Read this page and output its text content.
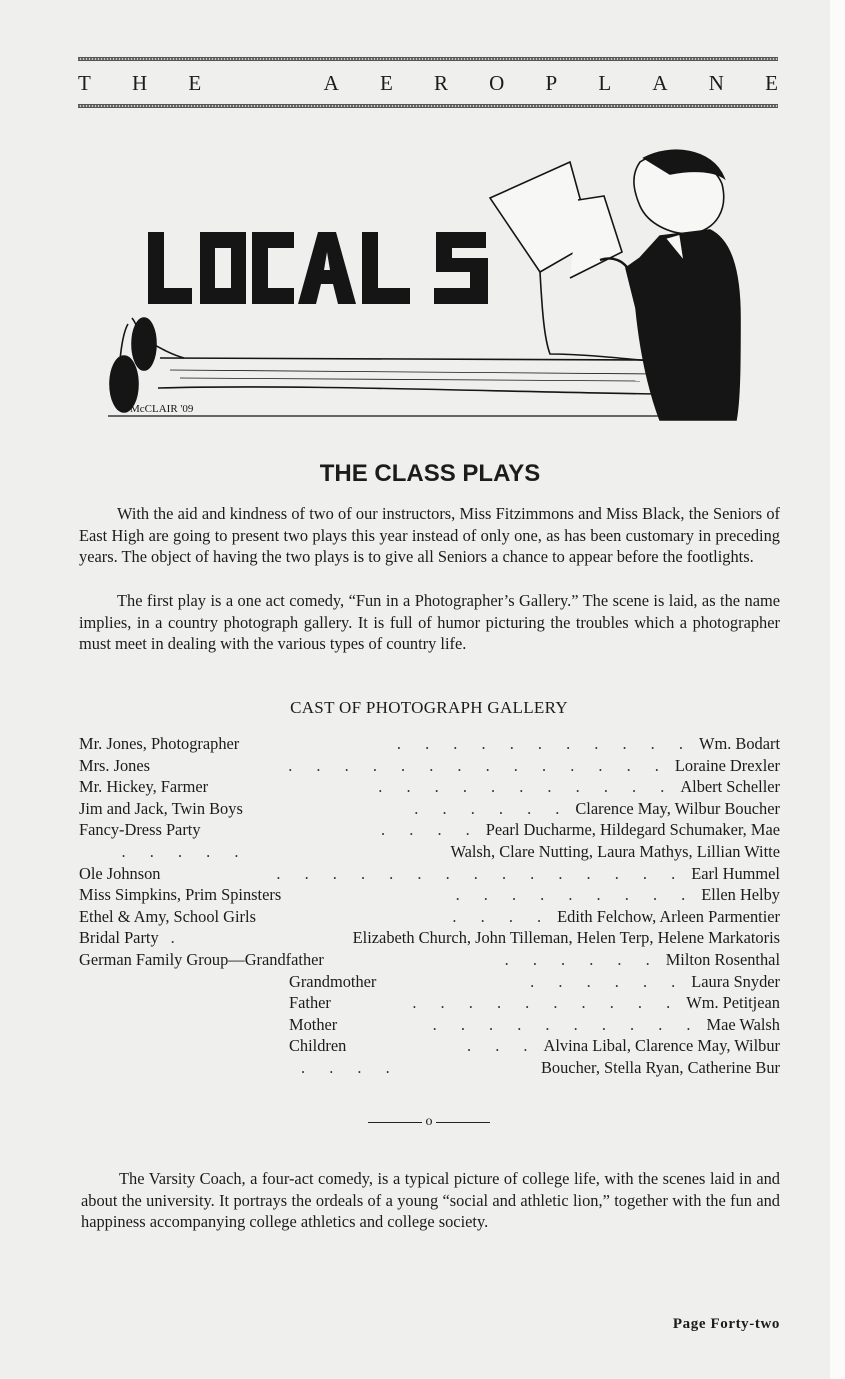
T H E	A E R O P L A N E
McCLAIR '09
THE CLASS PLAYS

With the aid and kindness of two of our instructors, Miss Fitzimmons and Miss Black, the Seniors of East High are going to present two plays this year instead of only one, as has been customary in preceding years. The object of having the two plays is to give all Seniors a chance to appear before the footlights.

The first play is a one act comedy, “Fun in a Photographer’s Gallery.” The scene is laid, as the name implies, in a country photograph gallery. It is full of humor picturing the troubles which a photographer must meet in dealing with the various types of country life.

CAST OF PHOTOGRAPH GALLERY
Mr. Jones, Photographer	. . . . . . . . . . . Wm. Bodart
Mrs. Jones	. . . . . . . . . . . . . . Loraine Drexler
Mr. Hickey, Farmer	. . . . . . . . . . . Albert Scheller
Jim and Jack, Twin Boys	. . . . . . Clarence May, Wilbur Boucher
Fancy-Dress Party	. . . . Pearl Ducharme, Hildegard Schumaker, Mae
. . . . .	Walsh, Clare Nutting, Laura Mathys, Lillian Witte
Ole Johnson	. . . . . . . . . . . . . . . Earl Hummel
Miss Simpkins, Prim Spinsters	. . . . . . . . . Ellen Helby
Ethel & Amy, School Girls	. . . . Edith Felchow, Arleen Parmentier
Bridal Party .	Elizabeth Church, John Tilleman, Helen Terp, Helene Markatoris
German Family Group—Grandfather	. . . . . . Milton Rosenthal
Grandmother	. . . . . . Laura Snyder
Father	. . . . . . . . . . Wm. Petitjean
Mother	. . . . . . . . . . Mae Walsh
Children	. . . Alvina Libal, Clarence May, Wilbur
. . . .	Boucher, Stella Ryan, Catherine Bur
o

The Varsity Coach, a four-act comedy, is a typical picture of college life, with the scenes laid in and about the university. It portrays the ordeals of a young “social and athletic lion,” together with the fun and happiness accompanying college athletics and college society.

Page Forty-two
